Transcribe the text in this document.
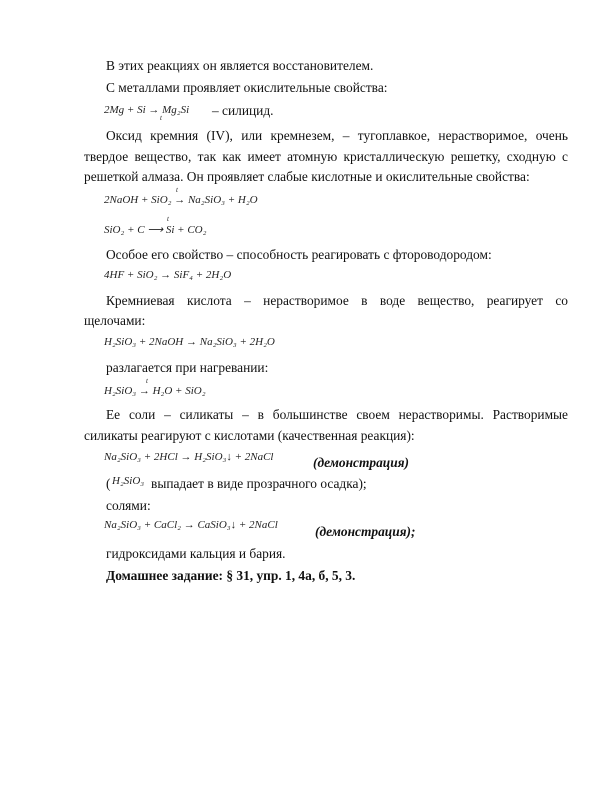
В этих реакциях он является восстановителем.
С металлами проявляет окислительные свойства:
2Mg + Si → Mg₂Si
t	– силицид.
Оксид кремния (IV), или кремнезем, – тугоплавкое, нерастворимое, очень
твердое вещество, так как имеет атомную кристаллическую решетку, сходную с
решеткой алмаза. Он проявляет слабые кислотные и окислительные свойства:
t
2NaOH + SiO₂ → Na₂SiO₃ + H₂O
t
SiO₂ + C ⟶ Si + CO₂
Особое его свойство – способность реагировать с фтороводородом:
4HF + SiO₂ → SiF₄ + 2H₂O
Кремниевая кислота – нерастворимое в воде вещество, реагирует со
щелочами:
H₂SiO₃ + 2NaOH → Na₂SiO₃ + 2H₂O
разлагается при нагревании:
t
H₂SiO₃ → H₂O + SiO₂
Ее соли – силикаты – в большинстве своем нерастворимы. Растворимые
силикаты реагируют с кислотами (качественная реакция):
Na₂SiO₃ + 2HCl → H₂SiO₃↓ + 2NaCl	(демонстрация)
( H₂SiO₃ выпадает в виде прозрачного осадка);
солями:
Na₂SiO₃ + CaCl₂ → CaSiO₃↓ + 2NaCl	(демонстрация);
гидроксидами кальция и бария.
Домашнее задание: § 31, упр. 1, 4а, б, 5, 3.
